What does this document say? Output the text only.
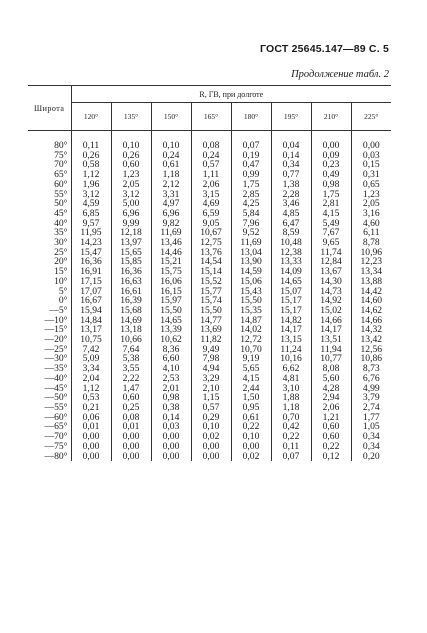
ГОСТ 25645.147—89 С. 5
Продолжение табл. 2
Широта	R, ГВ, при долготе							
	120°	135°	150°	165°	180°	195°	210°	225°
80°	0,11	0,10	0,10	0,08	0,07	0,04	0,00	0,00
75°	0,26	0,26	0,24	0,24	0,19	0,14	0,09	0,03
70°	0,58	0,60	0,61	0,57	0,47	0,34	0,23	0,15
65°	1,12	1,23	1,18	1,11	0,99	0,77	0,49	0,31
60°	1,96	2,05	2,12	2,06	1,75	1,38	0,98	0,65
55°	3,12	3,12	3,31	3,15	2,85	2,28	1,75	1,23
50°	4,59	5,00	4,97	4,69	4,25	3,46	2,81	2,05
45°	6,85	6,96	6,96	6,59	5,84	4,85	4,15	3,16
40°	9,57	9,99	9,82	9,05	7,96	6,47	5,49	4,60
35°	11,95	12,18	11,69	10,67	9,52	8,59	7,67	6,11
30°	14,23	13,97	13,46	12,75	11,69	10,48	9,65	8,78
25°	15,47	15,65	14,46	13,76	13,04	12,38	11,74	10,96
20°	16,36	15,85	15,21	14,54	13,90	13,33	12,84	12,23
15°	16,91	16,36	15,75	15,14	14,59	14,09	13,67	13,34
10°	17,15	16,63	16,06	15,52	15,06	14,65	14,30	13,88
5°	17,07	16,61	16,15	15,77	15,43	15,07	14,73	14,42
0°	16,67	16,39	15,97	15,74	15,50	15,17	14,92	14,60
—5°	15,94	15,68	15,50	15,50	15,35	15,17	15,02	14,62
—10°	14,84	14,69	14,65	14,77	14,87	14,82	14,66	14,66
—15°	13,17	13,18	13,39	13,69	14,02	14,17	14,17	14,32
—20°	10,75	10,66	10,62	11,82	12,72	13,15	13,51	13,42
—25°	7,42	7,64	8,36	9,49	10,70	11,24	11,94	12,56
—30°	5,09	5,38	6,60	7,98	9,19	10,16	10,77	10,86
—35°	3,34	3,55	4,10	4,94	5,65	6,62	8,08	8,73
—40°	2,04	2,22	2,53	3,29	4,15	4,81	5,60	6,76
—45°	1,12	1,47	2,01	2,10	2,44	3,10	4,28	4,99
—50°	0,53	0,60	0,98	1,15	1,50	1,88	2,94	3,79
—55°	0,21	0,25	0,38	0,57	0,95	1,18	2,06	2,74
—60°	0,06	0,08	0,14	0,29	0,61	0,70	1,21	1,77
—65°	0,01	0,01	0,03	0,10	0,22	0,42	0,60	1,05
—70°	0,00	0,00	0,00	0,02	0,10	0,22	0,60	0,34
—75°	0,00	0,00	0,00	0,00	0,00	0,11	0,22	0,34
—80°	0,00	0,00	0,00	0,00	0,02	0,07	0,12	0,20
